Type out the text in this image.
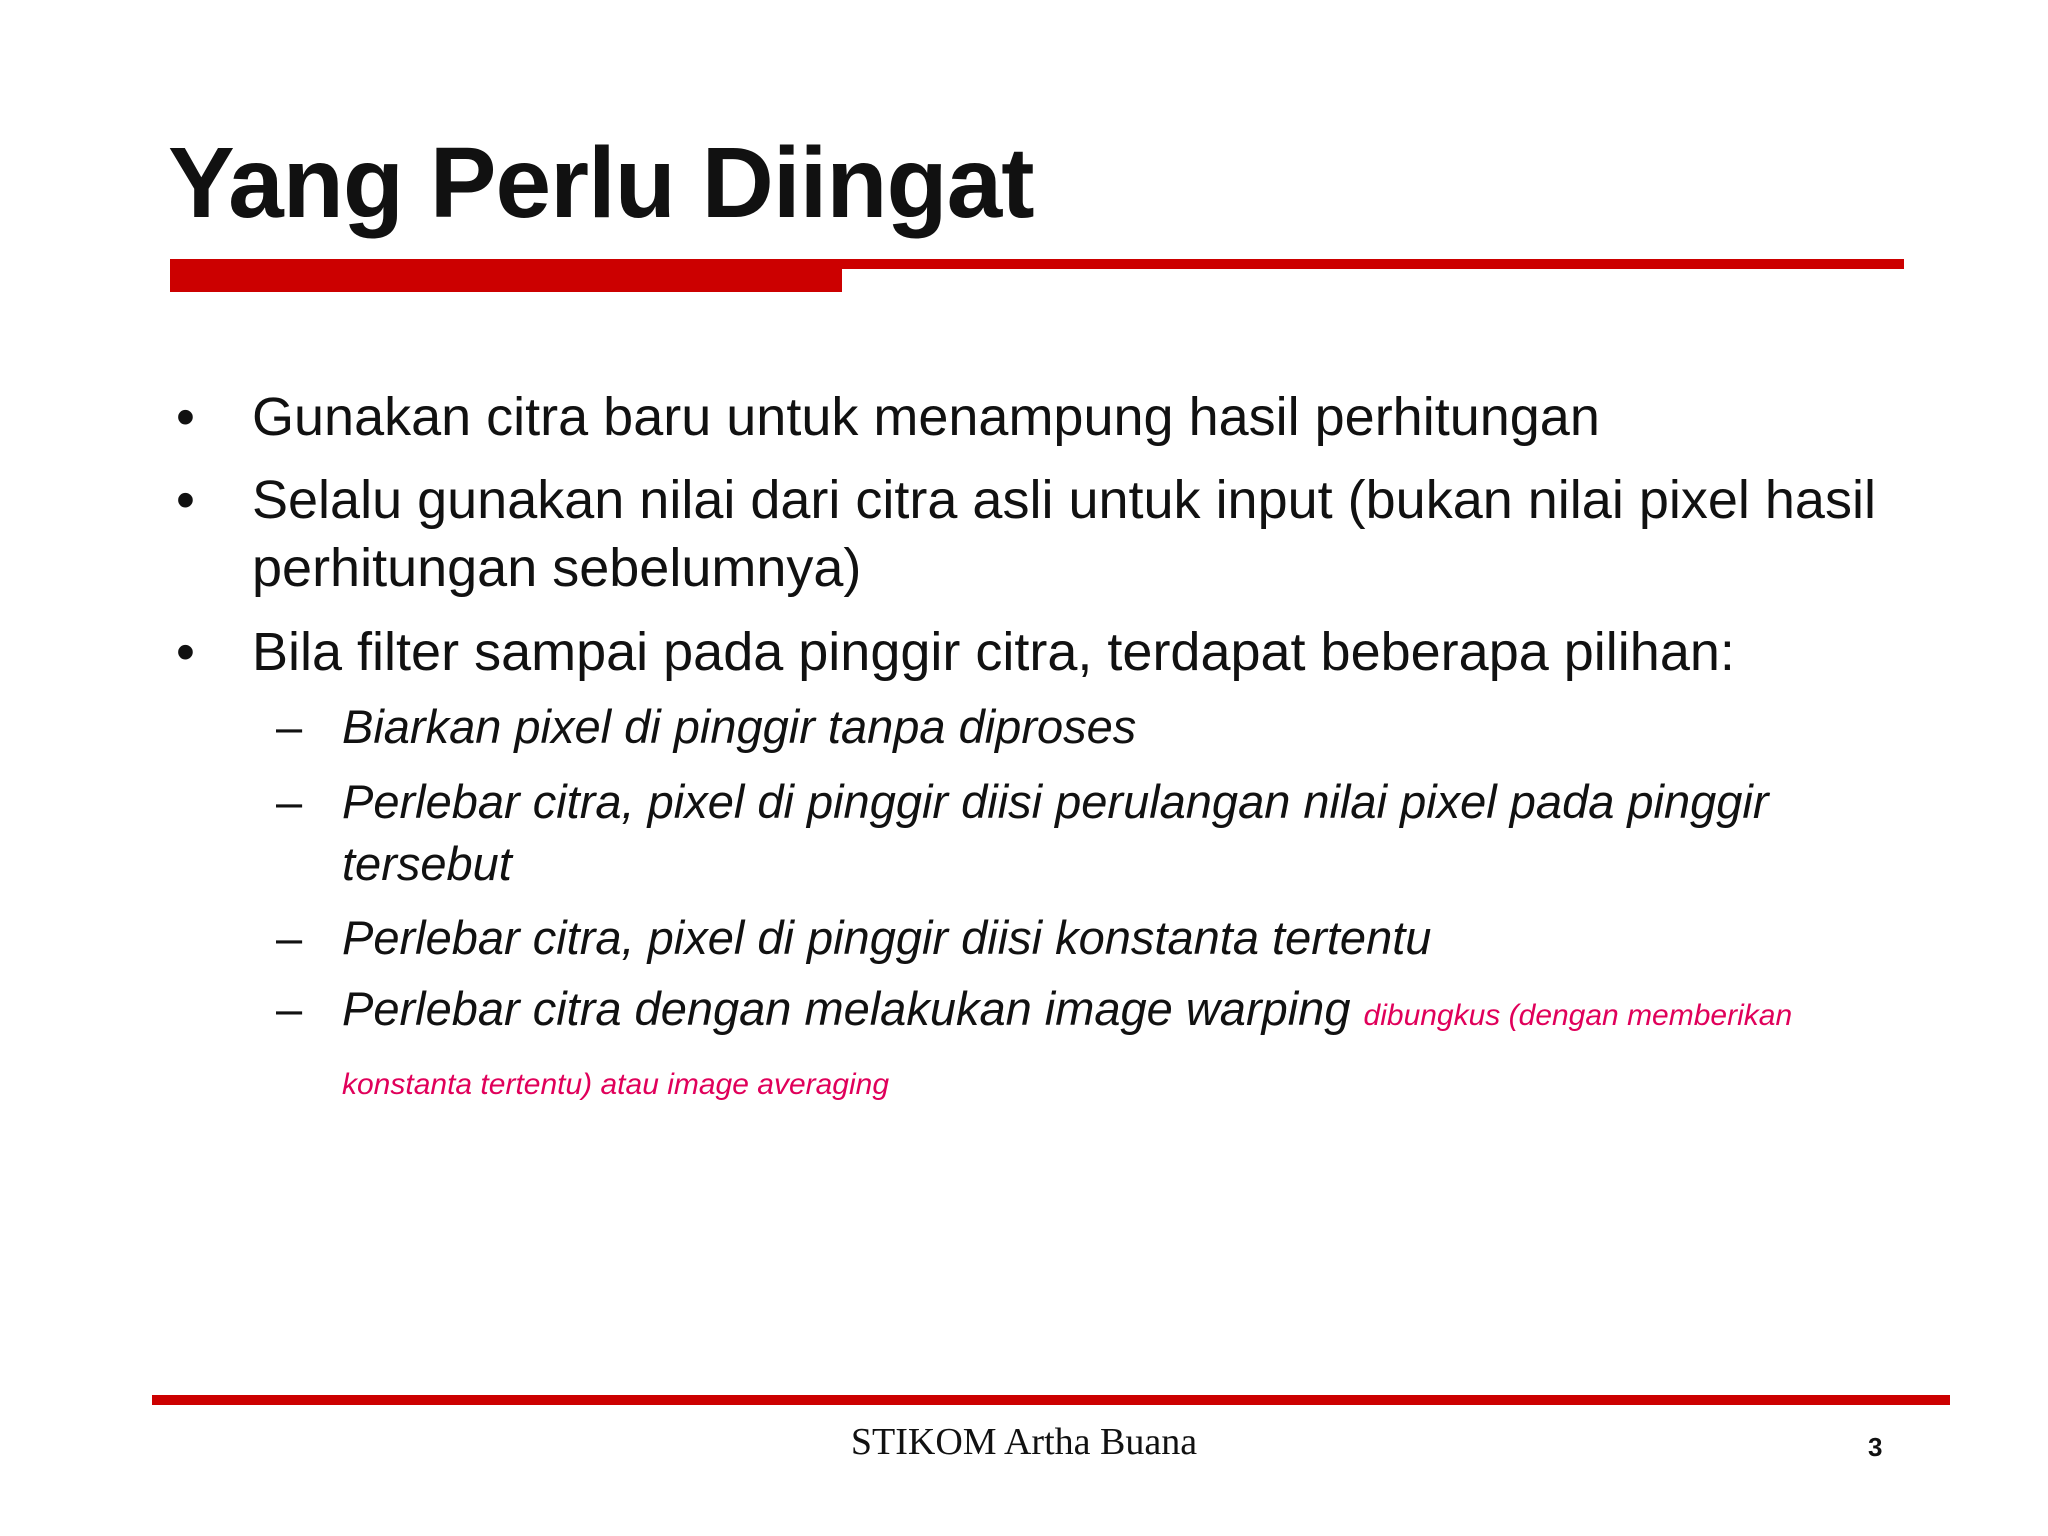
Yang Perlu Diingat
• Gunakan citra baru untuk menampung hasil perhitungan
• Selalu gunakan nilai dari citra asli untuk input (bukan nilai pixel hasil perhitungan sebelumnya)
• Bila filter sampai pada pinggir citra, terdapat beberapa pilihan:
– Biarkan pixel di pinggir tanpa diproses
– Perlebar citra, pixel di pinggir diisi perulangan nilai pixel pada pinggir tersebut
– Perlebar citra, pixel di pinggir diisi konstanta tertentu
– Perlebar citra dengan melakukan image warping dibungkus (dengan memberikan konstanta tertentu) atau image averaging
STIKOM Artha Buana	3
